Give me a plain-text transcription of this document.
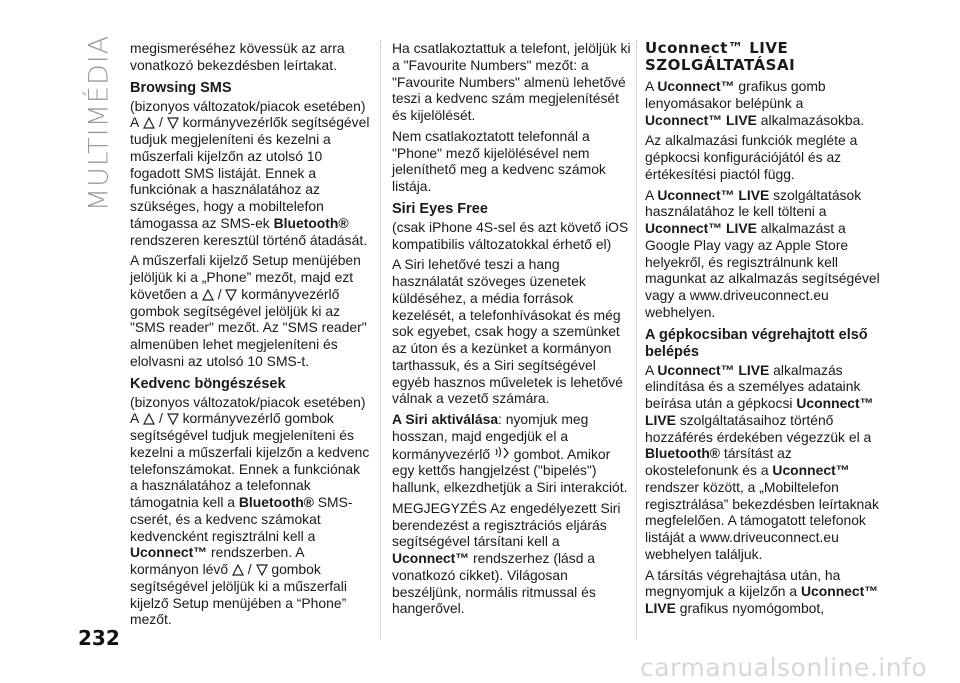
MULTIMÉDIA megismeréséhez kövessük az arra vonatkozó bekezdésben leírtakat.

Browsing SMS

(bizonyos változatok/piacok esetében) A / kormányvezérlők segítségével tudjuk megjeleníteni és kezelni a műszerfali kijelzőn az utolsó 10 fogadott SMS listáját. Ennek a funkciónak a használatához az szükséges, hogy a mobiltelefon támogassa az SMS-ek Bluetooth® rendszeren keresztül történő átadását.

A műszerfali kijelző Setup menüjében jelöljük ki a „Phone” mezőt, majd ezt követően a / kormányvezérlő gombok segítségével jelöljük ki az "SMS reader" mezőt. Az "SMS reader" almenüben lehet megjeleníteni és elolvasni az utolsó 10 SMS-t.

Kedvenc böngészések

(bizonyos változatok/piacok esetében) A / kormányvezérlő gombok segítségével tudjuk megjeleníteni és kezelni a műszerfali kijelzőn a kedvenc telefonszámokat. Ennek a funkciónak a használatához a telefonnak támogatnia kell a Bluetooth® SMS-cserét, és a kedvenc számokat kedvencként regisztrálni kell a Uconnect™ rendszerben. A kormányon lévő / gombok segítségével jelöljük ki a műszerfali kijelző Setup menüjében a “Phone” mezőt.

Ha csatlakoztattuk a telefont, jelöljük ki a "Favourite Numbers" mezőt: a "Favourite Numbers" almenü lehetővé teszi a kedvenc szám megjelenítését és kijelölését.

Nem csatlakoztatott telefonnál a "Phone" mező kijelölésével nem jeleníthető meg a kedvenc számok listája.

Siri Eyes Free

(csak iPhone 4S-sel és azt követő iOS kompatibilis változatokkal érhető el)

A Siri lehetővé teszi a hang használatát szöveges üzenetek küldéséhez, a média források kezelését, a telefonhívásokat és még sok egyebet, csak hogy a szemünket az úton és a kezünket a kormányon tarthassuk, és a Siri segítségével egyéb hasznos műveletek is lehetővé válnak a vezető számára.

A Siri aktiválása: nyomjuk meg hosszan, majd engedjük el a kormányvezérlő gombot. Amikor egy kettős hangjelzést ("bipelés") hallunk, elkezdhetjük a Siri interakciót.

MEGJEGYZÉS Az engedélyezett Siri berendezést a regisztrációs eljárás segítségével társítani kell a Uconnect™ rendszerhez (lásd a vonatkozó cikket). Világosan beszéljünk, normális ritmussal és hangerővel.

Uconnect™ LIVE SZOLGÁLTATÁSAI

A Uconnect™ grafikus gomb lenyomásakor belépünk a Uconnect™ LIVE alkalmazásokba.

Az alkalmazási funkciók megléte a gépkocsi konfigurációjától és az értékesítési piactól függ.

A Uconnect™ LIVE szolgáltatások használatához le kell tölteni a Uconnect™ LIVE alkalmazást a Google Play vagy az Apple Store helyekről, és regisztrálnunk kell magunkat az alkalmazás segítségével vagy a www.driveuconnect.eu webhelyen.

A gépkocsiban végrehajtott első belépés

A Uconnect™ LIVE alkalmazás elindítása és a személyes adataink beírása után a gépkocsi Uconnect™ LIVE szolgáltatásaihoz történő hozzáférés érdekében végezzük el a Bluetooth® társítást az okostelefonunk és a Uconnect™ rendszer között, a „Mobiltelefon regisztrálása” bekezdésben leírtaknak megfelelően. A támogatott telefonok listáját a www.driveuconnect.eu webhelyen találjuk.

A társítás végrehajtása után, ha megnyomjuk a kijelzőn a Uconnect™ LIVE grafikus nyomógombot,

232
carmanualsonline.info
